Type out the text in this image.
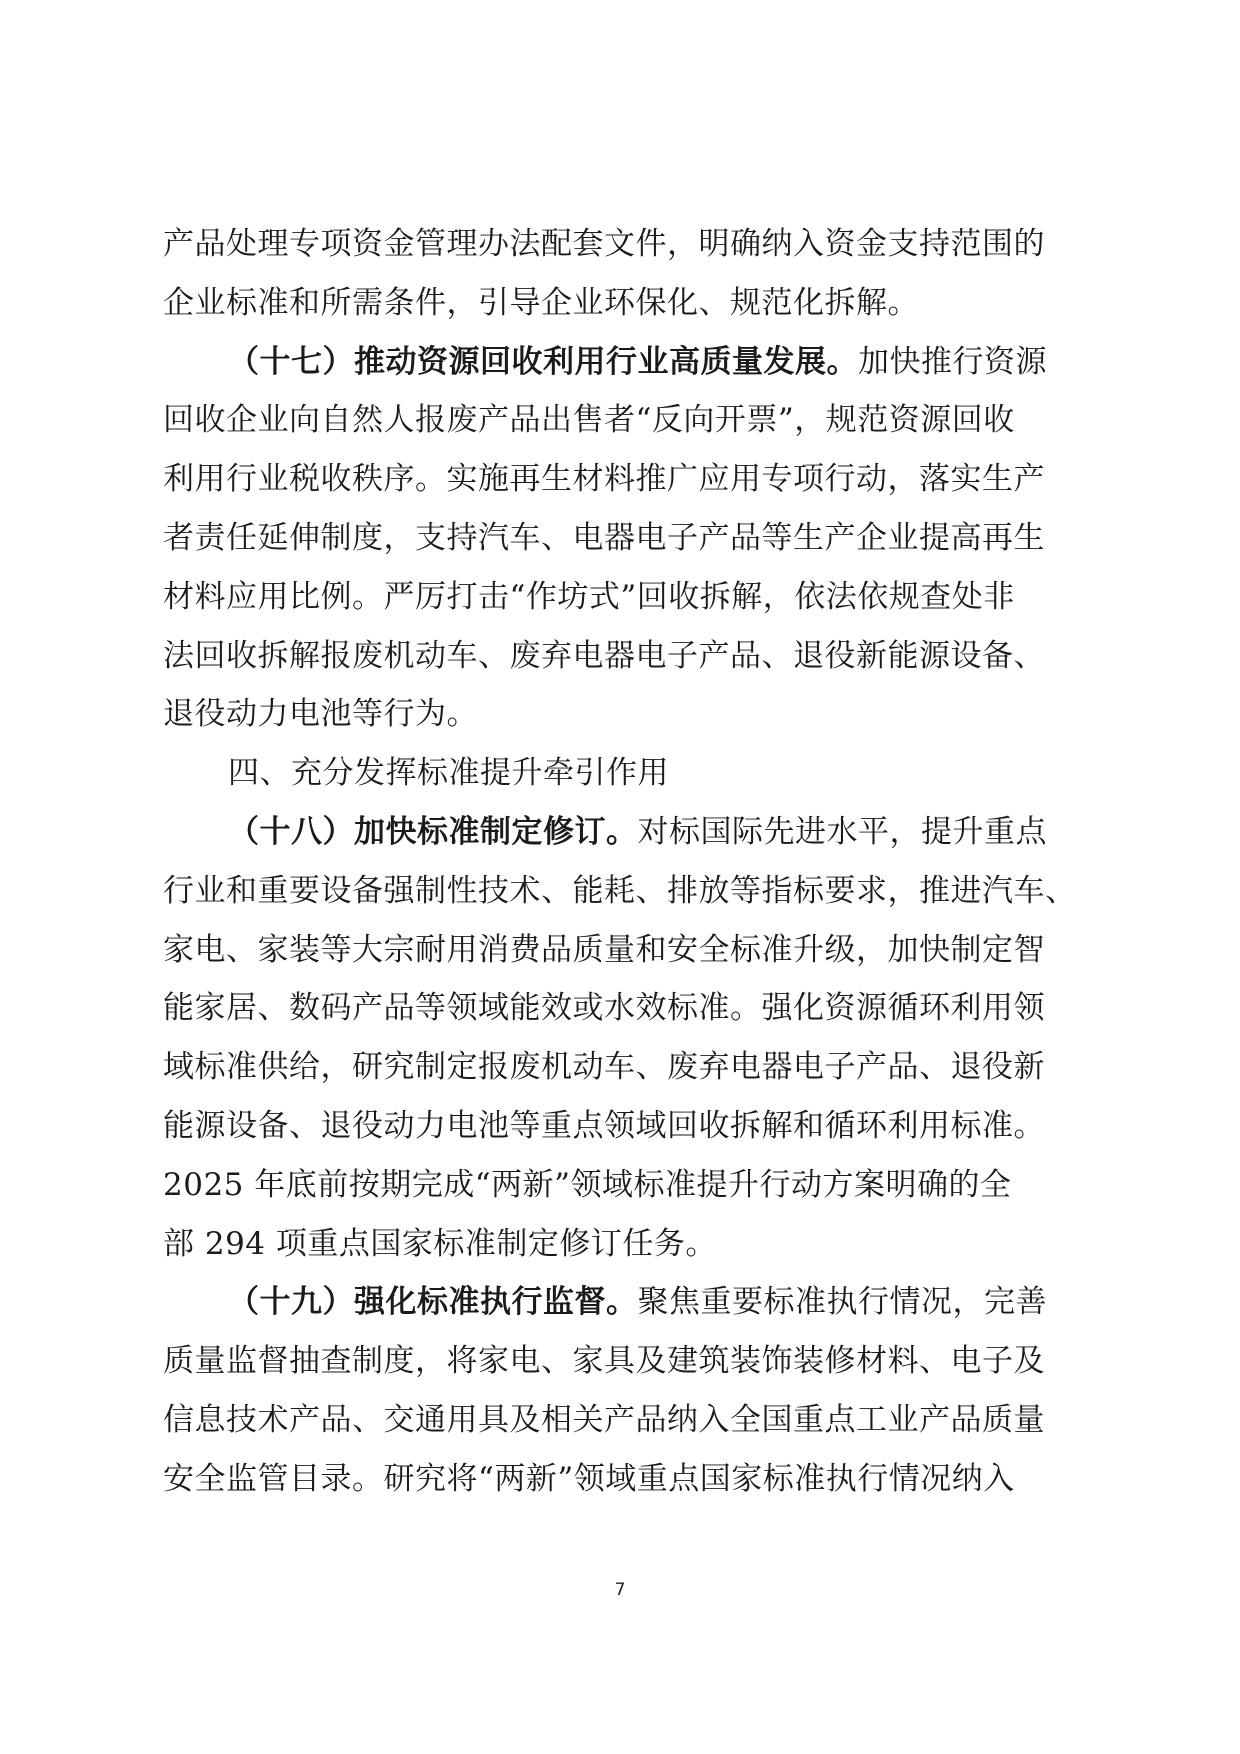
产品处理专项资金管理办法配套文件，明确纳入资金支持范围的
企业标准和所需条件，引导企业环保化、规范化拆解。
（十七）推动资源回收利用行业高质量发展。加快推行资源
回收企业向自然人报废产品出售者“反向开票”，规范资源回收
利用行业税收秩序。实施再生材料推广应用专项行动，落实生产
者责任延伸制度，支持汽车、电器电子产品等生产企业提高再生
材料应用比例。严厉打击“作坊式”回收拆解，依法依规查处非
法回收拆解报废机动车、废弃电器电子产品、退役新能源设备、
退役动力电池等行为。
四、充分发挥标准提升牵引作用
（十八）加快标准制定修订。对标国际先进水平，提升重点
行业和重要设备强制性技术、能耗、排放等指标要求，推进汽车、
家电、家装等大宗耐用消费品质量和安全标准升级，加快制定智
能家居、数码产品等领域能效或水效标准。强化资源循环利用领
域标准供给，研究制定报废机动车、废弃电器电子产品、退役新
能源设备、退役动力电池等重点领域回收拆解和循环利用标准。
2025 年底前按期完成“两新”领域标准提升行动方案明确的全
部 294 项重点国家标准制定修订任务。
（十九）强化标准执行监督。聚焦重要标准执行情况，完善
质量监督抽查制度，将家电、家具及建筑装饰装修材料、电子及
信息技术产品、交通用具及相关产品纳入全国重点工业产品质量
安全监管目录。研究将“两新”领域重点国家标准执行情况纳入
7
